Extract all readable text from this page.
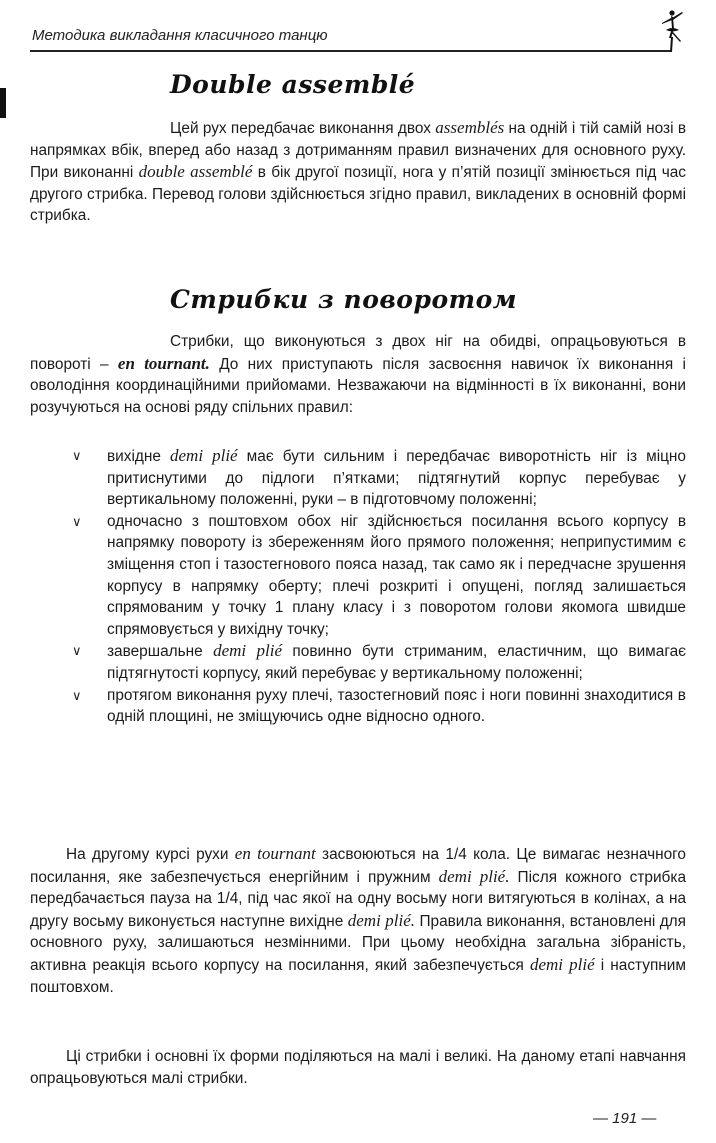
Методика викладання класичного танцю
Double assemblé
Цей рух передбачає виконання двох assemblés на одній і тій самій нозі в напрямках вбік, вперед або назад з дотриманням правил визначених для основного руху. При виконанні double assemblé в бік другої позиції, нога у п’ятій позиції змінюється під час другого стрибка. Перевод голови здійснюється згідно правил, викладених в основній формі стрибка.
Стрибки з поворотом
Стрибки, що виконуються з двох ніг на обидві, опрацьовуються в повороті – en tournant. До них приступають після засвоєння навичок їх виконання і оволодіння координаційними прийомами. Незважаючи на відмінності в їх виконанні, вони розучуються на основі ряду спільних правил:
∨ вихідне demi plié має бути сильним і передбачає виворотність ніг із міцно притиснутими до підлоги п’ятками; підтягнутий корпус перебуває у вертикальному положенні, руки – в підготовчому положенні;
∨ одночасно з поштовхом обох ніг здійснюється посилання всього корпусу в напрямку повороту із збереженням його прямого положення; неприпустимим є зміщення стоп і тазостегнового пояса назад, так само як і передчасне зрушення корпусу в напрямку оберту; плечі розкриті і опущені, погляд залишається спрямованим у точку 1 плану класу і з поворотом голови якомога швидше спрямовується у вихідну точку;
∨ завершальне demi plié повинно бути стриманим, еластичним, що вимагає підтягнутості корпусу, який перебуває у вертикальному положенні;
∨ протягом виконання руху плечі, тазостегновий пояс і ноги повинні знаходитися в одній площині, не зміщуючись одне відносно одного.
На другому курсі рухи en tournant засвоюються на 1/4 кола. Це вимагає незначного посилання, яке забезпечується енергійним і пружним demi plié. Після кожного стрибка передбачається пауза на 1/4, під час якої на одну восьму ноги витягуються в колінах, а на другу восьму виконується наступне вихідне demi plié. Правила виконання, встановлені для основного руху, залишаються незмінними. При цьому необхідна загальна зібраність, активна реакція всього корпусу на посилання, який забезпечується demi plié і наступним поштовхом.
Ці стрибки і основні їх форми поділяються на малі і великі. На даному етапі навчання опрацьовуються малі стрибки.
— 191 —
